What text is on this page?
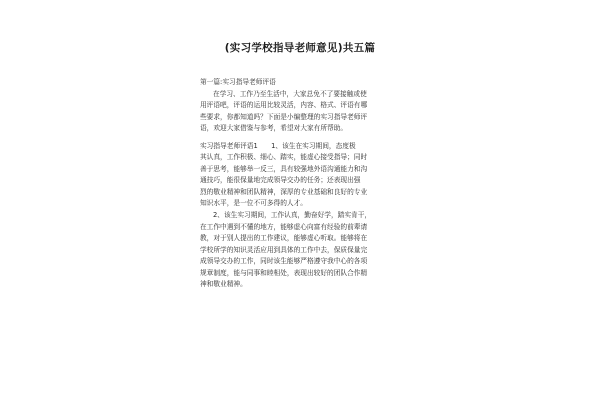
(实习学校指导老师意见)共五篇
第一篇:实习指导老师评语
在学习、工作乃至生活中，大家总免不了要接触或使
用评语吧，评语的运用比较灵活，内容、格式、评语有哪
些要求，你都知道吗？下面是小编整理的实习指导老师评
语，欢迎大家借鉴与参考，希望对大家有所帮助。
实习指导老师评语1　　1、该生在实习期间，态度极
其认真，工作积极、细心、踏实，能虚心接受指导；同时
善于思考，能够举一反三，具有较强地外语沟通能力和沟
通技巧，能很保量地完成领导交办的任务；还表现出强
烈的敬业精神和团队精神，深厚的专业基础和良好的专业
知识水平，是一位不可多得的人才。
2、该生实习期间，工作认真，勤奋好学，踏实肯干，
在工作中遇到不懂的地方，能够虚心向富有经验的前辈请
教，对于别人提出的工作建议，能够虚心听取。能够将在
学校所学的知识灵活应用到具体的工作中去，保质保量完
成领导交办的工作，同时该生能够严格遵守我中心的各项
规章制度，能与同事和睦相处，表现出较好的团队合作精
神和敬业精神。
